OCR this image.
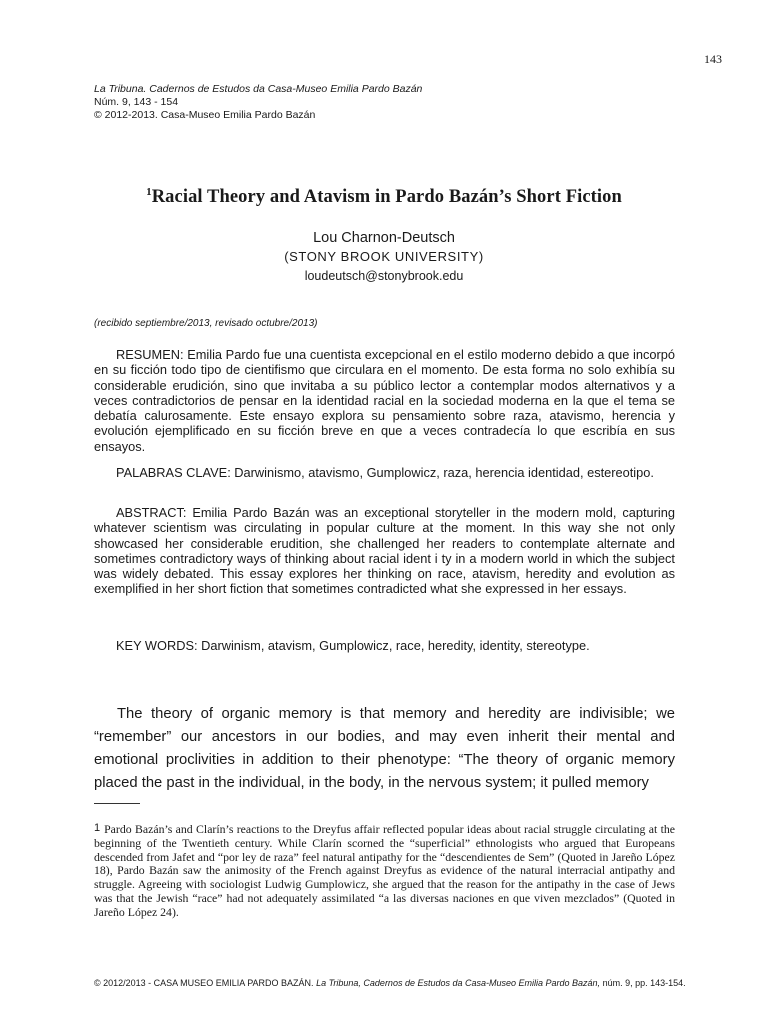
143
La Tribuna. Cadernos de Estudos da Casa-Museo Emilia Pardo Bazán
Núm. 9, 143 - 154
© 2012-2013. Casa-Museo Emilia Pardo Bazán
$^1$Racial Theory and Atavism in Pardo Bazán’s Short Fiction
Lou Charnon-Deutsch
(STONY BROOK UNIVERSITY)
loudeutsch@stonybrook.edu
(recibido septiembre/2013, revisado octubre/2013)

RESUMEN: Emilia Pardo fue una cuentista excepcional en el estilo moderno debido a que incorpó en su ficción todo tipo de cientifismo que circulara en el momento. De esta forma no solo exhibía su considerable erudición, sino que invitaba a su público lector a contemplar modos alternativos y a veces contradictorios de pensar en la identidad racial en la sociedad moderna en la que el tema se debatía calurosamente. Este ensayo explora su pensamiento sobre raza, atavismo, herencia y evolución ejemplificado en su ficción breve en que a veces contradecía lo que escribía en sus ensayos.

PALABRAS CLAVE: Darwinismo, atavismo, Gumplowicz, raza, herencia identidad, estereotipo.

ABSTRACT: Emilia Pardo Bazán was an exceptional storyteller in the modern mold, capturing whatever scientism was circulating in popular culture at the moment. In this way she not only showcased her considerable erudition, she challenged her readers to contemplate alternate and sometimes contradictory ways of thinking about racial ident i ty in a modern world in which the subject was widely debated. This essay explores her thinking on race, atavism, heredity and evolution as exemplified in her short fiction that sometimes contradicted what she expressed in her essays.

KEY WORDS: Darwinism, atavism, Gumplowicz, race, heredity, identity, stereotype.

The theory of organic memory is that memory and heredity are indivisible; we “remember” our ancestors in our bodies, and may even inherit their mental and emotional proclivities in addition to their phenotype: “The theory of organic memory placed the past in the individual, in the body, in the nervous system; it pulled memory

1 Pardo Bazán’s and Clarín’s reactions to the Dreyfus affair reflected popular ideas about racial struggle circulating at the beginning of the Twentieth century. While Clarín scorned the “superficial” ethnologists who argued that Europeans descended from Jafet and “por ley de raza” feel natural antipathy for the “descendientes de Sem” (Quoted in Jareño López 18), Pardo Bazán saw the animosity of the French against Dreyfus as evidence of the natural interracial antipathy and struggle. Agreeing with sociologist Ludwig Gumplowicz, she argued that the reason for the antipathy in the case of Jews was that the Jewish “race” had not adequately assimilated “a las diversas naciones en que viven mezclados” (Quoted in Jareño López 24).
© 2012/2013 - CASA MUSEO EMILIA PARDO BAZÁN. La Tribuna, Cadernos de Estudos da Casa-Museo Emilia Pardo Bazán, núm. 9, pp. 143-154.
